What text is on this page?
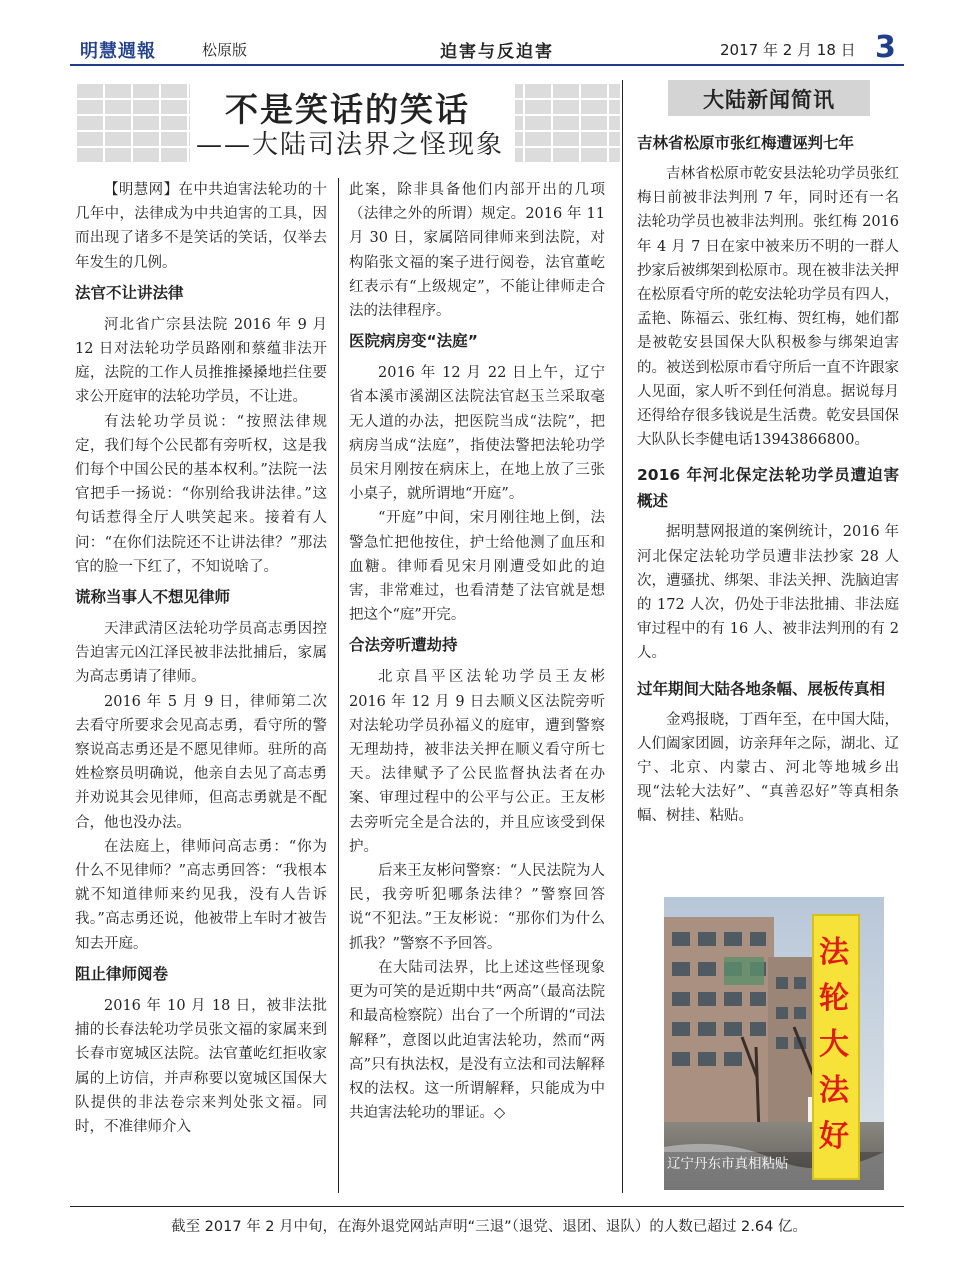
明慧週報	松原版	迫害与反迫害	2017 年 2 月 18 日 3
不是笑话的笑话
——大陆司法界之怪现象

【明慧网】在中共迫害法轮功的十几年中，法律成为中共迫害的工具，因而出现了诸多不是笑话的笑话，仅举去年发生的几例。

法官不让讲法律

河北省广宗县法院 2016 年 9 月 12 日对法轮功学员路刚和蔡蕴非法开庭，法院的工作人员推推搡搡地拦住要求公开庭审的法轮功学员，不让进。

有法轮功学员说：“按照法律规定，我们每个公民都有旁听权，这是我们每个中国公民的基本权利。”法院一法官把手一扬说：“你别给我讲法律。”这句话惹得全厅人哄笑起来。接着有人问：“在你们法院还不让讲法律？”那法官的脸一下红了，不知说啥了。

谎称当事人不想见律师

天津武清区法轮功学员高志勇因控告迫害元凶江泽民被非法批捕后，家属为高志勇请了律师。

2016 年 5 月 9 日，律师第二次去看守所要求会见高志勇，看守所的警察说高志勇还是不愿见律师。驻所的高姓检察员明确说，他亲自去见了高志勇并劝说其会见律师，但高志勇就是不配合，他也没办法。

在法庭上，律师问高志勇：“你为什么不见律师？”高志勇回答：“我根本就不知道律师来约见我，没有人告诉我。”高志勇还说，他被带上车时才被告知去开庭。

阻止律师阅卷

2016 年 10 月 18 日，被非法批捕的长春法轮功学员张文福的家属来到长春市宽城区法院。法官董屹红拒收家属的上访信，并声称要以宽城区国保大队提供的非法卷宗来判处张文福。同时，不准律师介入

此案，除非具备他们内部开出的几项（法律之外的所谓）规定。2016 年 11 月 30 日，家属陪同律师来到法院，对构陷张文福的案子进行阅卷，法官董屹红表示有“上级规定”，不能让律师走合法的法律程序。

医院病房变“法庭”

2016 年 12 月 22 日上午，辽宁省本溪市溪湖区法院法官赵玉兰采取毫无人道的办法，把医院当成“法院”，把病房当成“法庭”，指使法警把法轮功学员宋月刚按在病床上，在地上放了三张小桌子，就所谓地“开庭”。

“开庭”中间，宋月刚往地上倒，法警急忙把他按住，护士给他测了血压和血糖。律师看见宋月刚遭受如此的迫害，非常难过，也看清楚了法官就是想把这个“庭”开完。

合法旁听遭劫持

北京昌平区法轮功学员王友彬 2016 年 12 月 9 日去顺义区法院旁听对法轮功学员孙福义的庭审，遭到警察无理劫持，被非法关押在顺义看守所七天。法律赋予了公民监督执法者在办案、审理过程中的公平与公正。王友彬去旁听完全是合法的，并且应该受到保护。

后来王友彬问警察：“人民法院为人民，我旁听犯哪条法律？”警察回答说“不犯法。”王友彬说：“那你们为什么抓我？”警察不予回答。

在大陆司法界，比上述这些怪现象更为可笑的是近期中共“两高”（最高法院和最高检察院）出台了一个所谓的“司法解释”，意图以此迫害法轮功，然而“两高”只有执法权，是没有立法和司法解释权的法权。这一所谓解释，只能成为中共迫害法轮功的罪证。◇

大陆新闻简讯
吉林省松原市张红梅遭诬判七年

吉林省松原市乾安县法轮功学员张红梅日前被非法判刑 7 年，同时还有一名法轮功学员也被非法判刑。张红梅 2016 年 4 月 7 日在家中被来历不明的一群人抄家后被绑架到松原市。现在被非法关押在松原看守所的乾安法轮功学员有四人，孟艳、陈福云、张红梅、贺红梅，她们都是被乾安县国保大队积极参与绑架迫害的。被送到松原市看守所后一直不许跟家人见面，家人听不到任何消息。据说每月还得给存很多钱说是生活费。乾安县国保大队队长李健电话13943866800。

2016 年河北保定法轮功学员遭迫害概述

据明慧网报道的案例统计，2016 年河北保定法轮功学员遭非法抄家 28 人次，遭骚扰、绑架、非法关押、洗脑迫害的 172 人次，仍处于非法批捕、非法庭审过程中的有 16 人、被非法判刑的有 2 人。

过年期间大陆各地条幅、展板传真相

金鸡报晓，丁酉年至，在中国大陆，人们阖家团圆，访亲拜年之际，湖北、辽宁、北京、内蒙古、河北等地城乡出现“法轮大法好”、“真善忍好”等真相条幅、树挂、粘贴。

法轮大法好
辽宁丹东市真相粘贴
截至 2017 年 2 月中旬，在海外退党网站声明“三退”（退党、退团、退队）的人数已超过 2.64 亿。
